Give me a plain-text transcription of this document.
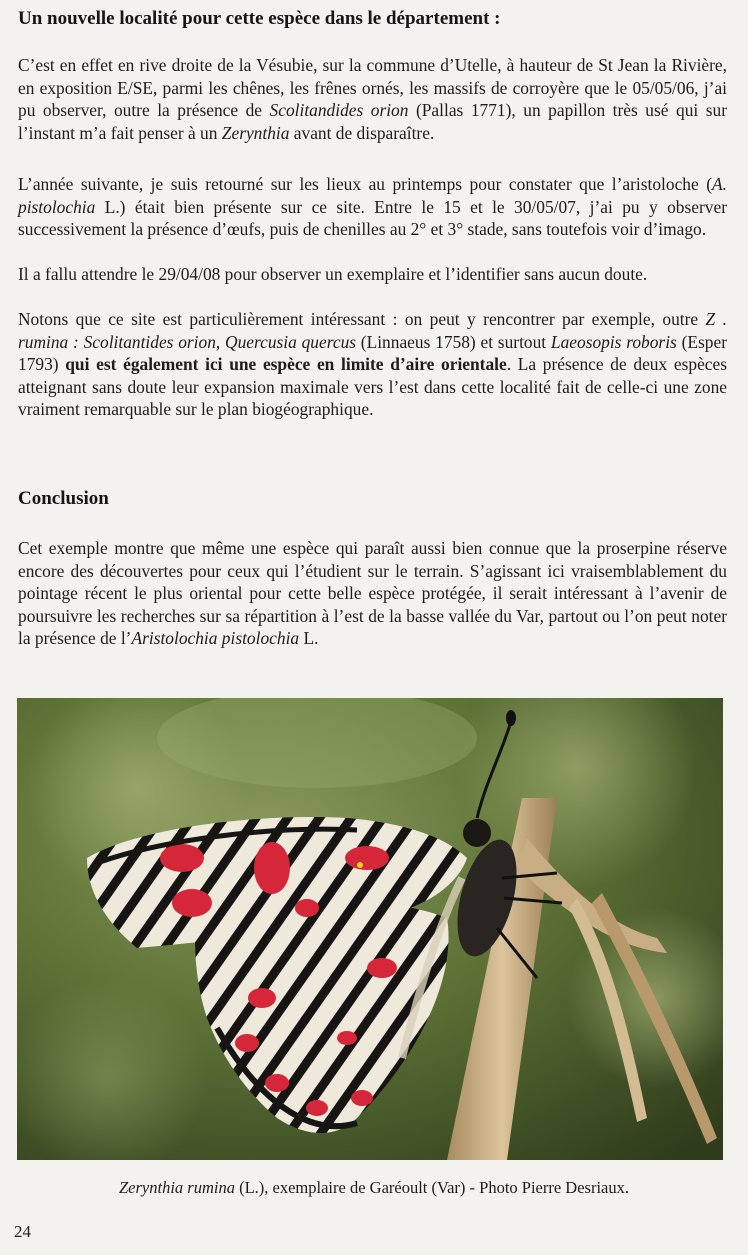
Un nouvelle localité pour cette espèce dans le département :

C’est en effet en rive droite de la Vésubie, sur la commune d’Utelle, à hauteur de St Jean la Rivière, en exposition E/SE, parmi les chênes, les frênes ornés, les massifs de corroyère que le 05/05/06, j’ai pu observer, outre la présence de Scolitandides orion (Pallas 1771), un papillon très usé qui sur l’instant m’a fait penser à un Zerynthia avant de disparaître.

L’année suivante, je suis retourné sur les lieux au printemps pour constater que l’aristoloche (A. pistolochia L.) était bien présente sur ce site. Entre le 15 et le 30/05/07, j’ai pu y observer successivement la présence d’œufs, puis de chenilles au 2° et 3° stade, sans toutefois voir d’imago.

Il a fallu attendre le 29/04/08 pour observer un exemplaire et l’identifier sans aucun doute.

Notons que ce site est particulièrement intéressant : on peut y rencontrer par exemple, outre Z . rumina : Scolitantides orion, Quercusia quercus (Linnaeus 1758) et surtout Laeosopis roboris (Esper 1793) qui est également ici une espèce en limite d’aire orientale. La présence de deux espèces atteignant sans doute leur expansion maximale vers l’est dans cette localité fait de celle-ci une zone vraiment remarquable sur le plan biogéographique.

Conclusion

Cet exemple montre que même une espèce qui paraît aussi bien connue que la proserpine réserve encore des découvertes pour ceux qui l’étudient sur le terrain. S’agissant ici vraisemblablement du pointage récent le plus oriental pour cette belle espèce protégée, il serait intéressant à l’avenir de poursuivre les recherches sur sa répartition à l’est de la basse vallée du Var, partout ou l’on peut noter la présence de l’Aristolochia pistolochia L.

Zerynthia rumina (L.), exemplaire de Garéoult (Var) - Photo Pierre Desriaux.
24
